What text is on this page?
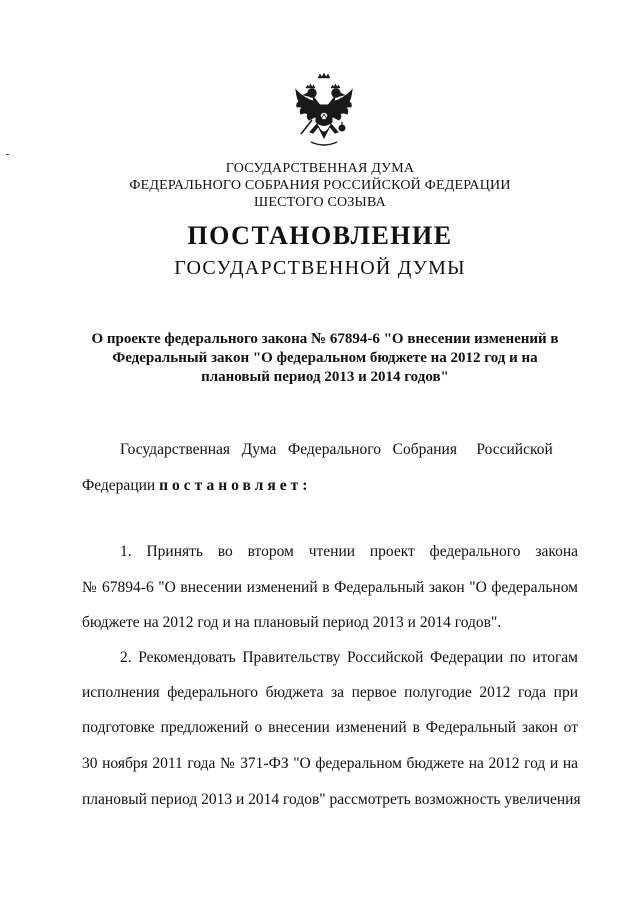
ГОСУДАРСТВЕННАЯ ДУМА
ФЕДЕРАЛЬНОГО СОБРАНИЯ РОССИЙСКОЙ ФЕДЕРАЦИИ
ШЕСТОГО СОЗЫВА
ПОСТАНОВЛЕНИЕ
ГОСУДАРСТВЕННОЙ ДУМЫ
О проекте федерального закона № 67894-6 "О внесении изменений в
Федеральный закон "О федеральном бюджете на 2012 год и на
плановый период 2013 и 2014 годов"
Государственная   Дума   Федерального   Собрания     Российской
Федерации постановляет:
1. Принять во втором чтении проект федерального закона
№ 67894-6 "О внесении изменений в Федеральный закон "О федеральном
бюджете на 2012 год и на плановый период 2013 и 2014 годов".
2. Рекомендовать Правительству Российской Федерации по итогам
исполнения федерального бюджета за первое полугодие 2012 года при
подготовке предложений о внесении изменений в Федеральный закон от
30 ноября 2011 года № 371-ФЗ "О федеральном бюджете на 2012 год и на
плановый период 2013 и 2014 годов" рассмотреть возможность увеличения
